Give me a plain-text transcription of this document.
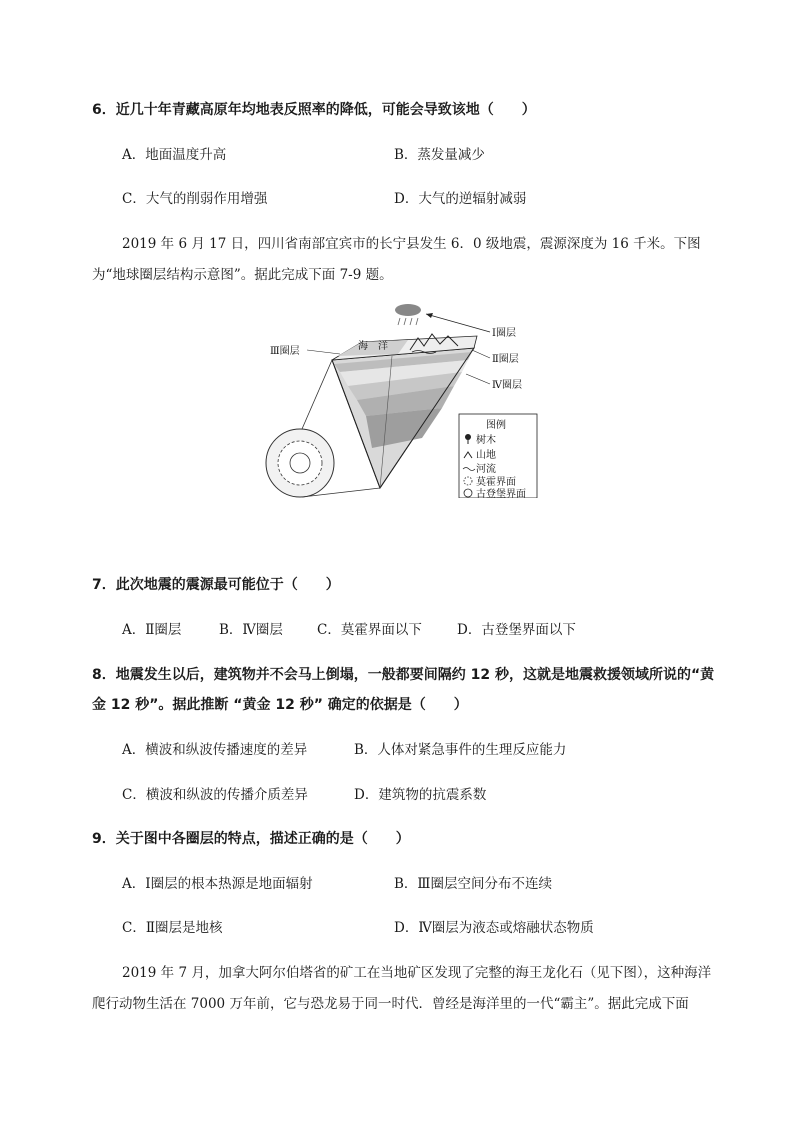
6．近几十年青藏高原年均地表反照率的降低，可能会导致该地（　　）
A．地面温度升高	B．蒸发量减少
C．大气的削弱作用增强	D．大气的逆辐射减弱
2019 年 6 月 17 日，四川省南部宜宾市的长宁县发生 6．0 级地震，震源深度为 16 千米。下图
为“地球圈层结构示意图”。据此完成下面 7-9 题。
Ⅰ圈层
Ⅱ圈层
Ⅲ圈层
Ⅳ圈层
海　洋
图例
树木
山地
河流
莫霍界面
古登堡界面
7．此次地震的震源最可能位于（　　）
A．Ⅱ圈层	B．Ⅳ圈层	C．莫霍界面以下	D．古登堡界面以下
8．地震发生以后，建筑物并不会马上倒塌，一般都要间隔约 12 秒，这就是地震救援领域所说的“黄
金 12 秒”。据此推断 “黄金 12 秒” 确定的依据是（　　）
A．横波和纵波传播速度的差异	B．人体对紧急事件的生理反应能力
C．横波和纵波的传播介质差异	D．建筑物的抗震系数
9．关于图中各圈层的特点，描述正确的是（　　）
A．Ⅰ圈层的根本热源是地面辐射	B．Ⅲ圈层空间分布不连续
C．Ⅱ圈层是地核	D．Ⅳ圈层为液态或熔融状态物质
2019 年 7 月，加拿大阿尔伯塔省的矿工在当地矿区发现了完整的海王龙化石（见下图），这种海洋
爬行动物生活在 7000 万年前，它与恐龙易于同一时代．曾经是海洋里的一代“霸主”。据此完成下面
